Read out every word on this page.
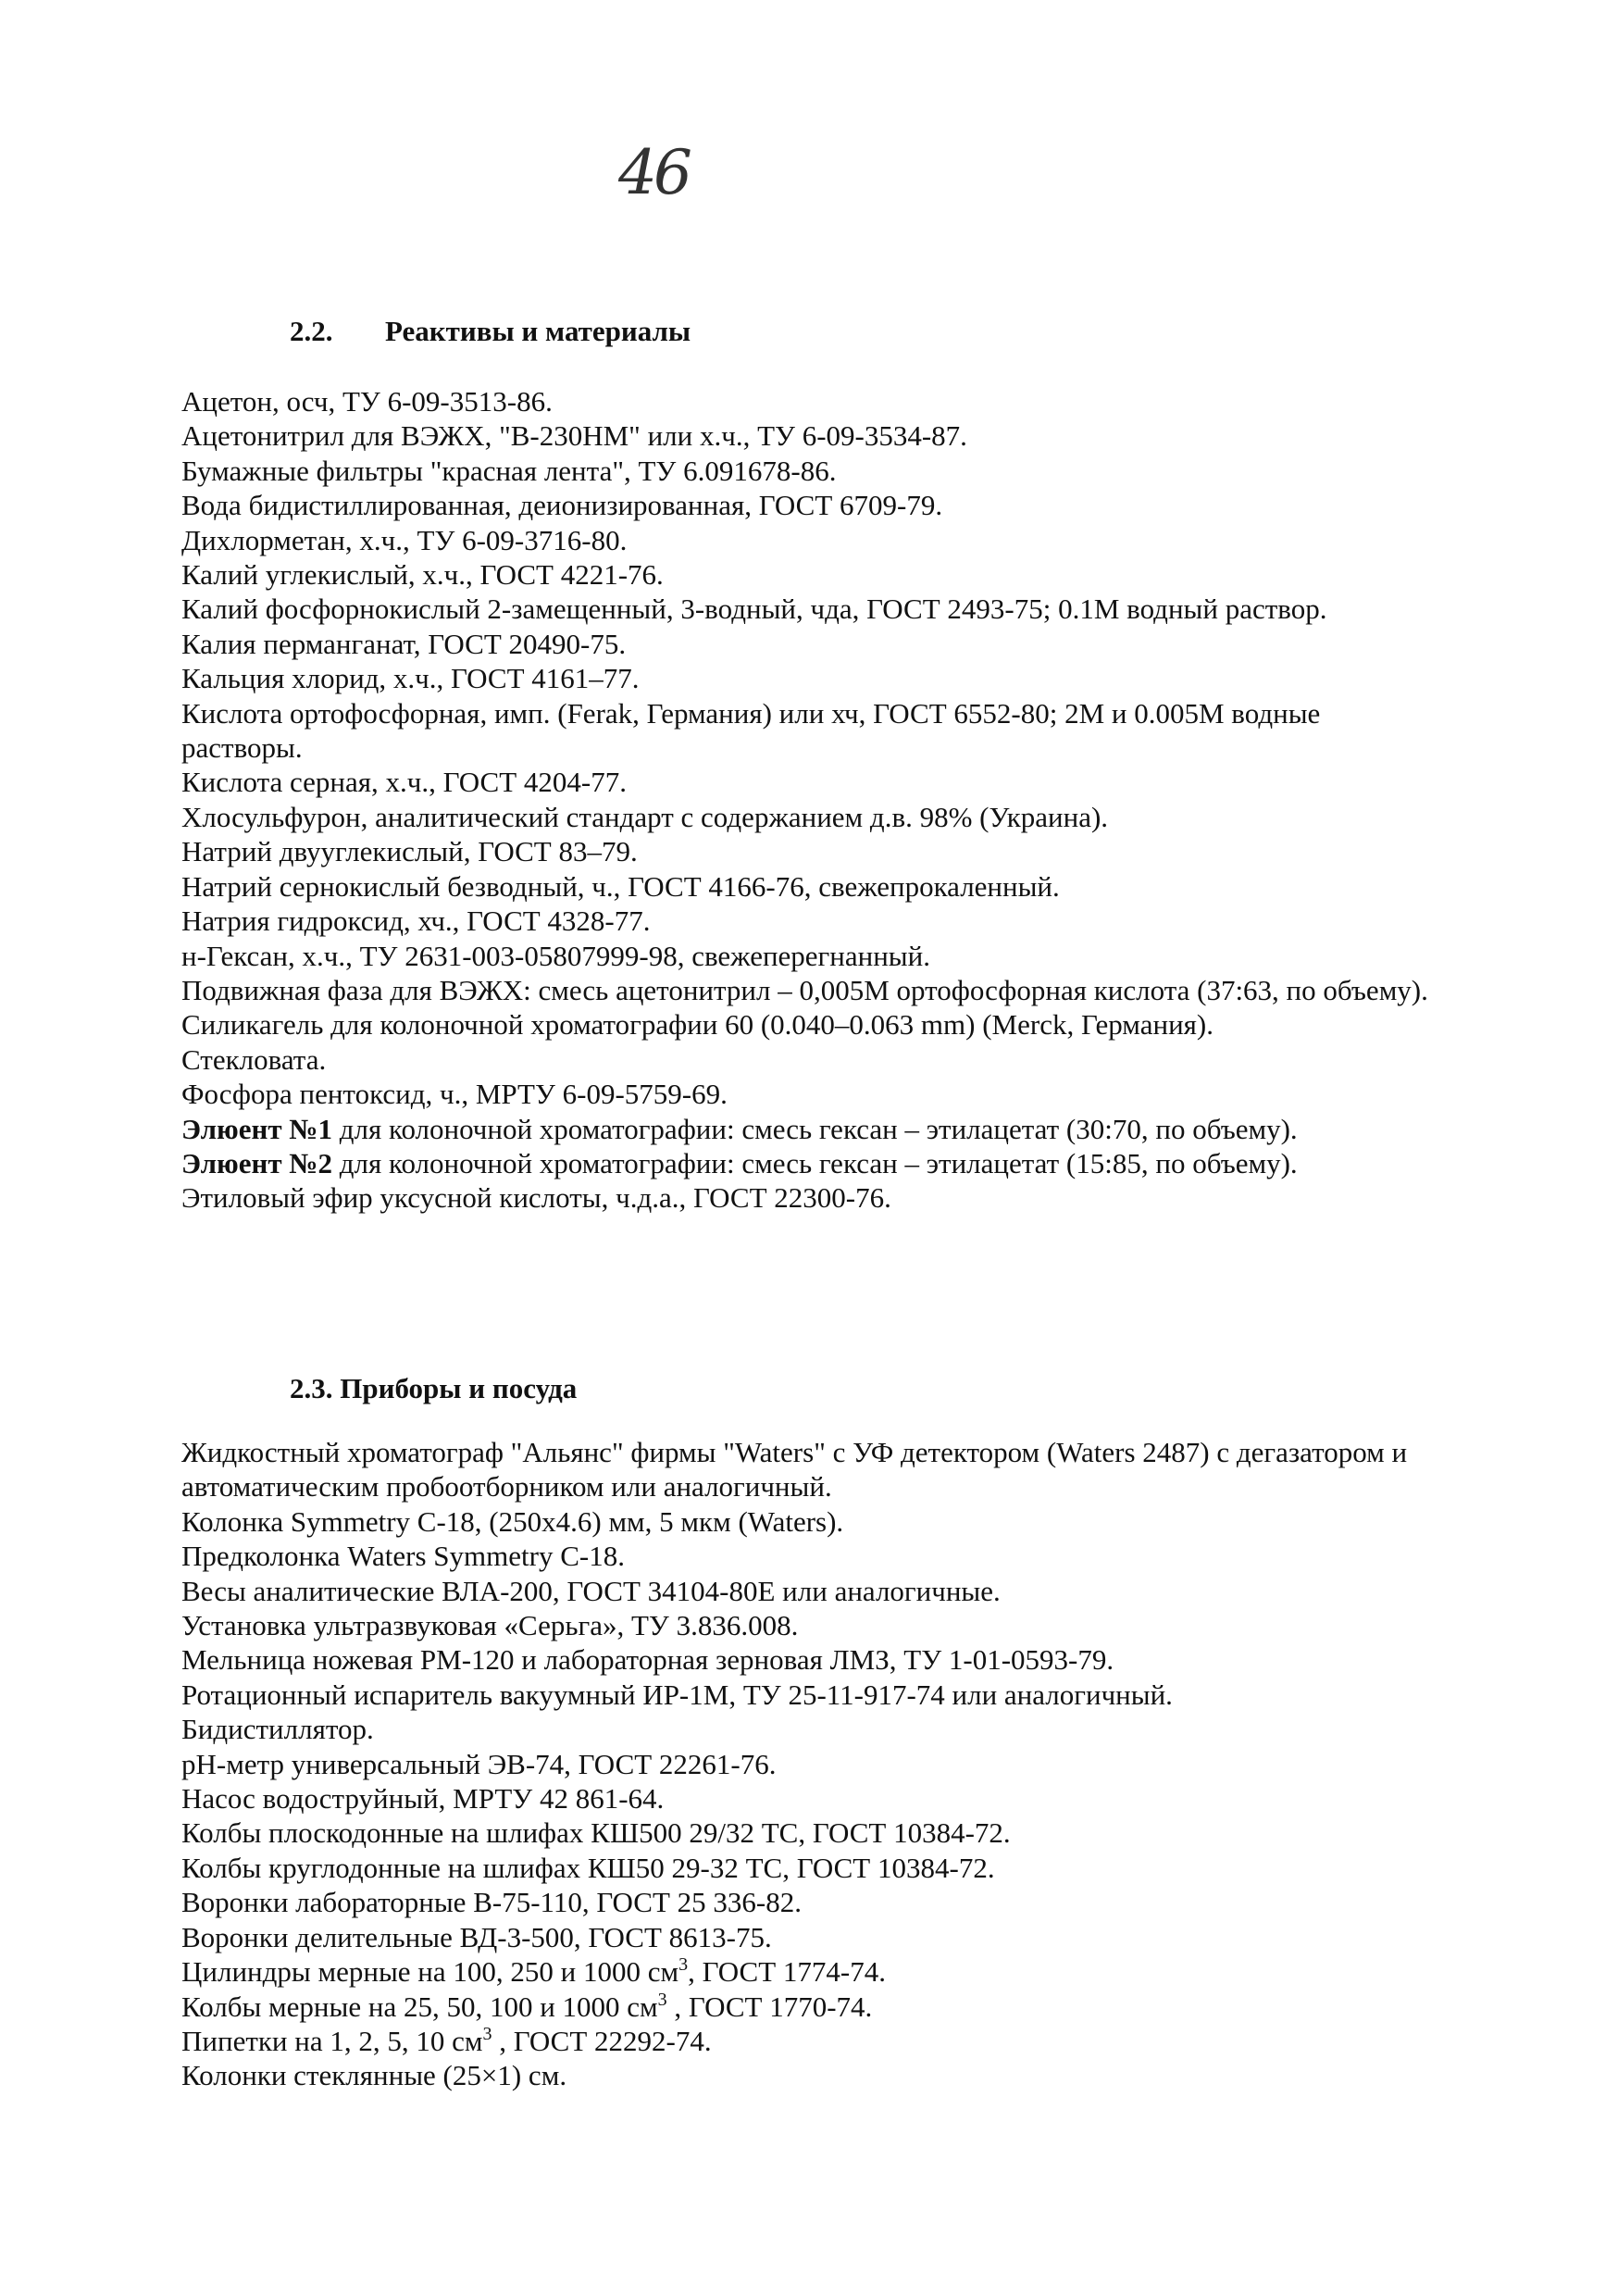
46
2.2. Реактивы и материалы

Ацетон, осч, ТУ 6-09-3513-86.

Ацетонитрил для ВЭЖХ, "В-230НМ" или х.ч., ТУ 6-09-3534-87.

Бумажные фильтры "красная лента", ТУ 6.091678-86.

Вода бидистиллированная, деионизированная, ГОСТ 6709-79.

Дихлорметан, х.ч., ТУ 6-09-3716-80.

Калий углекислый, х.ч., ГОСТ 4221-76.

Калий фосфорнокислый 2-замещенный, 3-водный, чда, ГОСТ 2493-75; 0.1М водный раствор.

Калия перманганат, ГОСТ 20490-75.

Кальция хлорид, х.ч., ГОСТ 4161–77.

Кислота ортофосфорная, имп. (Ferak, Германия) или хч, ГОСТ 6552-80; 2М и 0.005М водные растворы.

Кислота серная, х.ч., ГОСТ 4204-77.

Хлосульфурон, аналитический стандарт с содержанием д.в. 98% (Украина).

Натрий двууглекислый, ГОСТ 83–79.

Натрий сернокислый безводный, ч., ГОСТ 4166-76, свежепрокаленный.

Натрия гидроксид, хч., ГОСТ 4328-77.

н-Гексан, х.ч., ТУ 2631-003-05807999-98, свежеперегнанный.

Подвижная фаза для ВЭЖХ: смесь ацетонитрил – 0,005М ортофосфорная кислота (37:63, по объему).

Силикагель для колоночной хроматографии 60 (0.040–0.063 mm) (Merck, Германия).

Стекловата.

Фосфора пентоксид, ч., МРТУ 6-09-5759-69.

Элюент №1 для колоночной хроматографии: смесь гексан – этилацетат (30:70, по объему).

Элюент №2 для колоночной хроматографии: смесь гексан – этилацетат (15:85, по объему).

Этиловый эфир уксусной кислоты, ч.д.а., ГОСТ 22300-76.

2.3. Приборы и посуда

Жидкостный хроматограф "Альянс" фирмы "Waters" с УФ детектором (Waters 2487) с дегазатором и автоматическим пробоотборником или аналогичный.

Колонка Symmetry С-18, (250х4.6) мм, 5 мкм (Waters).

Предколонка Waters Symmetry С-18.

Весы аналитические ВЛА-200, ГОСТ 34104-80Е или аналогичные.

Установка ультразвуковая «Серьга», ТУ 3.836.008.

Мельница ножевая РМ-120 и лабораторная зерновая ЛМЗ, ТУ 1-01-0593-79.

Ротационный испаритель вакуумный ИР-1М, ТУ 25-11-917-74 или аналогичный.

Бидистиллятор.

pH-метр универсальный ЭВ-74, ГОСТ 22261-76.

Насос водоструйный, МРТУ 42 861-64.

Колбы плоскодонные на шлифах КШ500 29/32 ТС, ГОСТ 10384-72.

Колбы круглодонные на шлифах КШ50 29-32 ТС, ГОСТ 10384-72.

Воронки лабораторные В-75-110, ГОСТ 25 336-82.

Воронки делительные ВД-3-500, ГОСТ 8613-75.

Цилиндры мерные на 100, 250 и 1000 $см^3$, ГОСТ 1774-74.

Колбы мерные на 25, 50, 100 и 1000 $см^3$ , ГОСТ 1770-74.

Пипетки на 1, 2, 5, 10 $см^3$ , ГОСТ 22292-74.

Колонки стеклянные (25×1) см.
